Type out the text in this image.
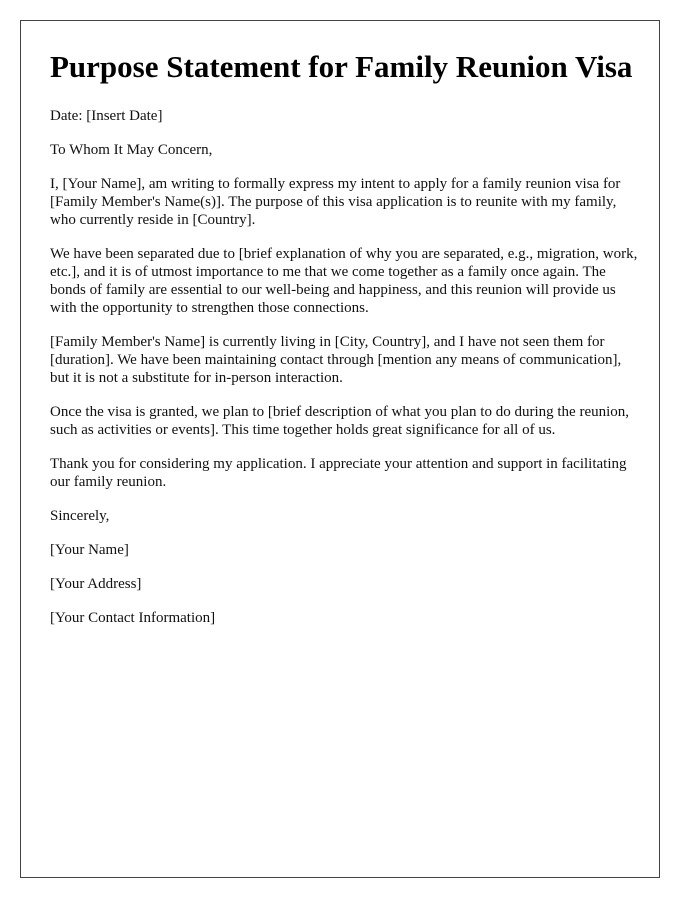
Purpose Statement for Family Reunion Visa

Date: [Insert Date]

To Whom It May Concern,

I, [Your Name], am writing to formally express my intent to apply for a family reunion visa for [Family Member's Name(s)]. The purpose of this visa application is to reunite with my family, who currently reside in [Country].

We have been separated due to [brief explanation of why you are separated, e.g., migration, work, etc.], and it is of utmost importance to me that we come together as a family once again. The bonds of family are essential to our well-being and happiness, and this reunion will provide us with the opportunity to strengthen those connections.

[Family Member's Name] is currently living in [City, Country], and I have not seen them for [duration]. We have been maintaining contact through [mention any means of communication], but it is not a substitute for in-person interaction.

Once the visa is granted, we plan to [brief description of what you plan to do during the reunion, such as activities or events]. This time together holds great significance for all of us.

Thank you for considering my application. I appreciate your attention and support in facilitating our family reunion.

Sincerely,

[Your Name]

[Your Address]

[Your Contact Information]
